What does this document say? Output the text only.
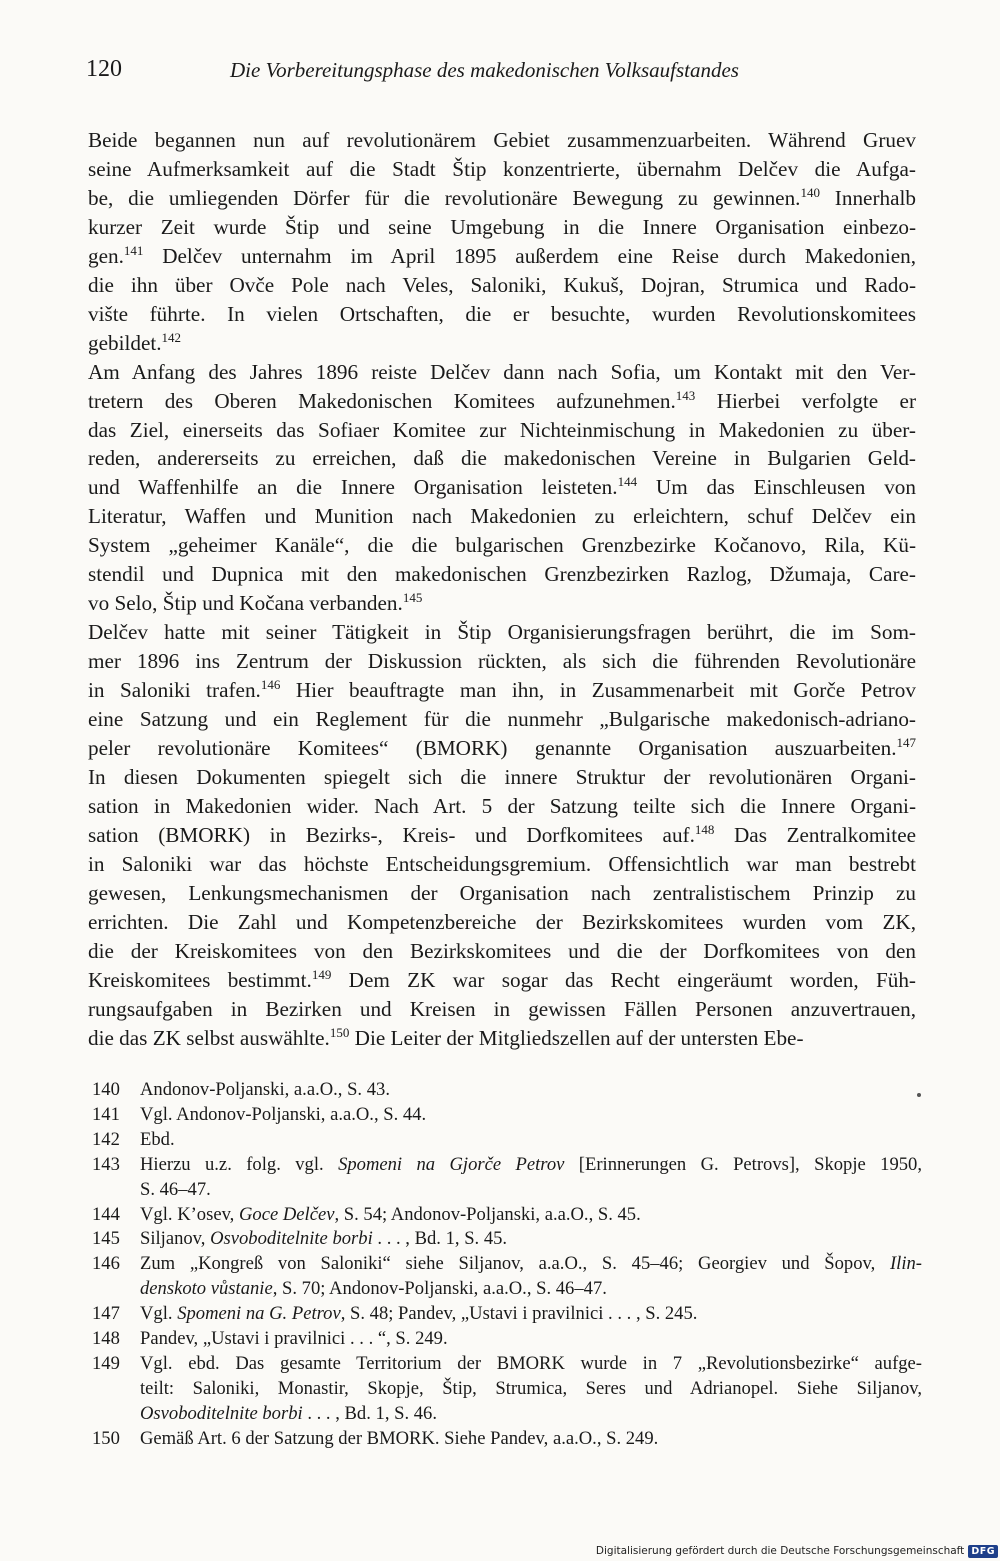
120	Die Vorbereitungsphase des makedonischen Volksaufstandes
Beide begannen nun auf revolutionärem Gebiet zusammenzuarbeiten. Während Gruev
seine Aufmerksamkeit auf die Stadt Štip konzentrierte, übernahm Delčev die Aufga-
be, die umliegenden Dörfer für die revolutionäre Bewegung zu gewinnen.$^{140}$ Innerhalb
kurzer Zeit wurde Štip und seine Umgebung in die Innere Organisation einbezo-
gen.$^{141}$ Delčev unternahm im April 1895 außerdem eine Reise durch Makedonien,
die ihn über Ovče Pole nach Veles, Saloniki, Kukuš, Dojran, Strumica und Rado-
vište führte. In vielen Ortschaften, die er besuchte, wurden Revolutionskomitees
gebildet.$^{142}$
Am Anfang des Jahres 1896 reiste Delčev dann nach Sofia, um Kontakt mit den Ver-
tretern des Oberen Makedonischen Komitees aufzunehmen.$^{143}$ Hierbei verfolgte er
das Ziel, einerseits das Sofiaer Komitee zur Nichteinmischung in Makedonien zu über-
reden, andererseits zu erreichen, daß die makedonischen Vereine in Bulgarien Geld-
und Waffenhilfe an die Innere Organisation leisteten.$^{144}$ Um das Einschleusen von
Literatur, Waffen und Munition nach Makedonien zu erleichtern, schuf Delčev ein
System „geheimer Kanäle“, die die bulgarischen Grenzbezirke Kočanovo, Rila, Kü-
stendil und Dupnica mit den makedonischen Grenzbezirken Razlog, Džumaja, Care-
vo Selo, Štip und Kočana verbanden.$^{145}$
Delčev hatte mit seiner Tätigkeit in Štip Organisierungsfragen berührt, die im Som-
mer 1896 ins Zentrum der Diskussion rückten, als sich die führenden Revolutionäre
in Saloniki trafen.$^{146}$ Hier beauftragte man ihn, in Zusammenarbeit mit Gorče Petrov
eine Satzung und ein Reglement für die nunmehr „Bulgarische makedonisch-adriano-
peler revolutionäre Komitees“ (BMORK) genannte Organisation auszuarbeiten.$^{147}$
In diesen Dokumenten spiegelt sich die innere Struktur der revolutionären Organi-
sation in Makedonien wider. Nach Art. 5 der Satzung teilte sich die Innere Organi-
sation (BMORK) in Bezirks-, Kreis- und Dorfkomitees auf.$^{148}$ Das Zentralkomitee
in Saloniki war das höchste Entscheidungsgremium. Offensichtlich war man bestrebt
gewesen, Lenkungsmechanismen der Organisation nach zentralistischem Prinzip zu
errichten. Die Zahl und Kompetenzbereiche der Bezirkskomitees wurden vom ZK,
die der Kreiskomitees von den Bezirkskomitees und die der Dorfkomitees von den
Kreiskomitees bestimmt.$^{149}$ Dem ZK war sogar das Recht eingeräumt worden, Füh-
rungsaufgaben in Bezirken und Kreisen in gewissen Fällen Personen anzuvertrauen,
die das ZK selbst auswählte.$^{150}$ Die Leiter der Mitgliedszellen auf der untersten Ebe-
140 Andonov-Poljanski, a.a.O., S. 43.
141 Vgl. Andonov-Poljanski, a.a.O., S. 44.
142 Ebd.
143 Hierzu u.z. folg. vgl. Spomeni na Gjorče Petrov [Erinnerungen G. Petrovs], Skopje 1950,
S. 46–47.
144 Vgl. K’osev, Goce Delčev, S. 54; Andonov-Poljanski, a.a.O., S. 45.
145 Siljanov, Osvoboditelnite borbi . . . , Bd. 1, S. 45.
146 Zum „Kongreß von Saloniki“ siehe Siljanov, a.a.O., S. 45–46; Georgiev und Šopov, Ilin-
denskoto vůstanie, S. 70; Andonov-Poljanski, a.a.O., S. 46–47.
147 Vgl. Spomeni na G. Petrov, S. 48; Pandev, „Ustavi i pravilnici . . . , S. 245.
148 Pandev, „Ustavi i pravilnici . . . “, S. 249.
149 Vgl. ebd. Das gesamte Territorium der BMORK wurde in 7 „Revolutionsbezirke“ aufge-
teilt: Saloniki, Monastir, Skopje, Štip, Strumica, Seres und Adrianopel. Siehe Siljanov,
Osvoboditelnite borbi . . . , Bd. 1, S. 46.
150 Gemäß Art. 6 der Satzung der BMORK. Siehe Pandev, a.a.O., S. 249.
Digitalisierung gefördert durch die Deutsche Forschungsgemeinschaft DFG
